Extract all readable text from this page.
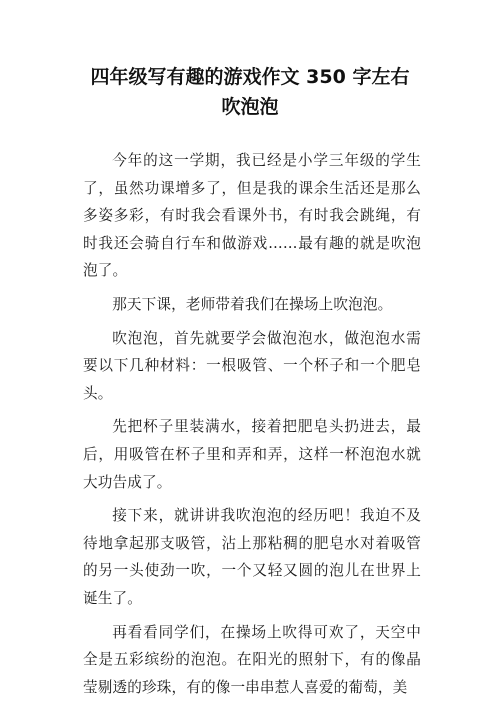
四年级写有趣的游戏作文 350 字左右
吹泡泡

今年的这一学期，我已经是小学三年级的学生了，虽然功课增多了，但是我的课余生活还是那么多姿多彩，有时我会看课外书，有时我会跳绳，有时我还会骑自行车和做游戏……最有趣的就是吹泡泡了。

那天下课，老师带着我们在操场上吹泡泡。

吹泡泡，首先就要学会做泡泡水，做泡泡水需要以下几种材料：一根吸管、一个杯子和一个肥皂头。

先把杯子里装满水，接着把肥皂头扔进去，最后，用吸管在杯子里和弄和弄，这样一杯泡泡水就大功告成了。

接下来，就讲讲我吹泡泡的经历吧！我迫不及待地拿起那支吸管，沾上那粘稠的肥皂水对着吸管的另一头使劲一吹，一个又轻又圆的泡儿在世界上诞生了。

再看看同学们，在操场上吹得可欢了，天空中全是五彩缤纷的泡泡。在阳光的照射下，有的像晶莹剔透的珍珠，有的像一串串惹人喜爱的葡萄，美
